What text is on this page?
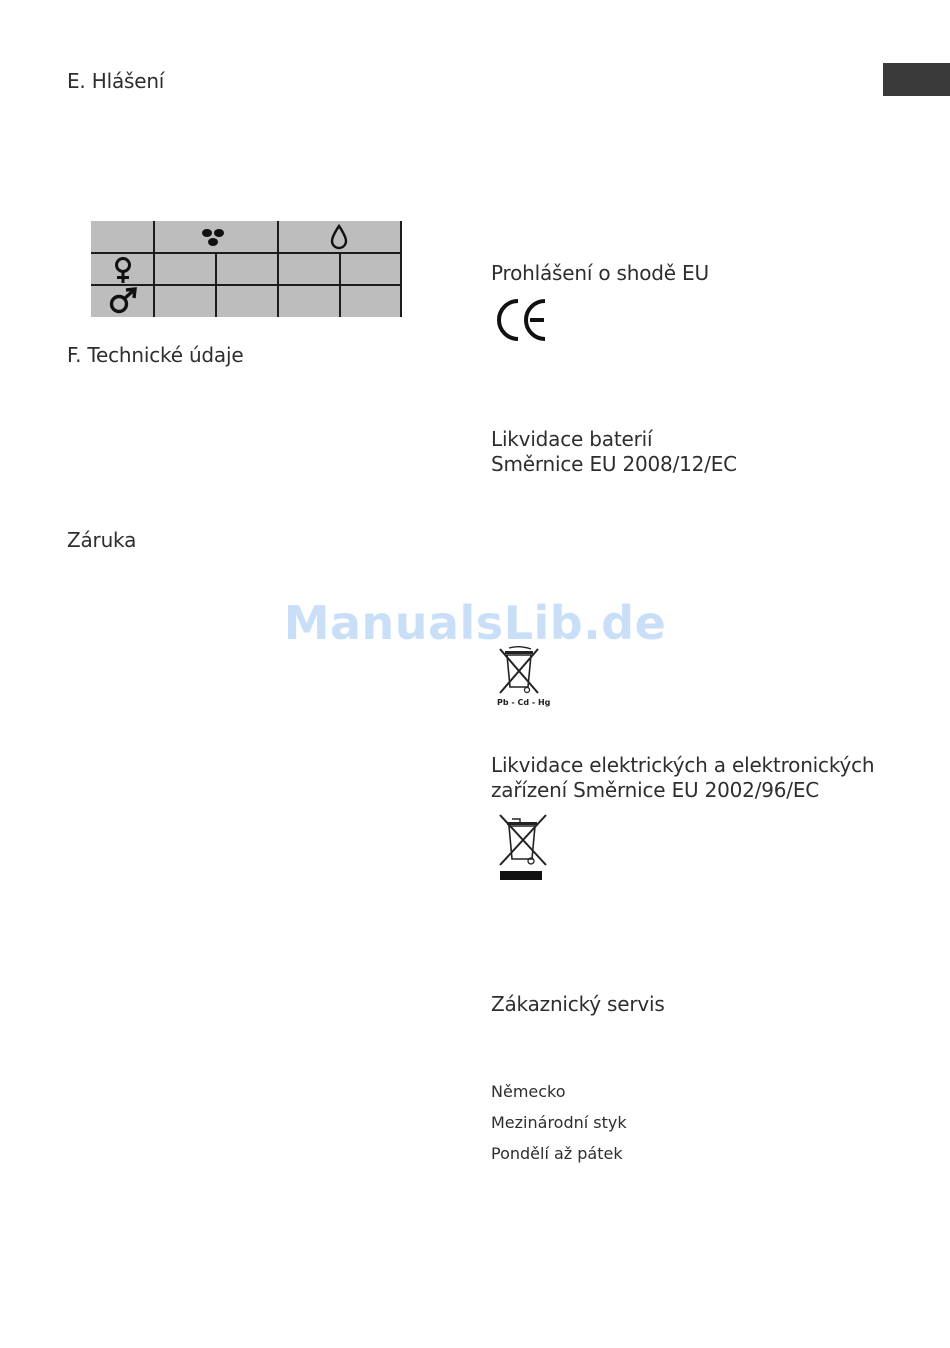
E. Hlášení
F. Technické údaje
Záruka
Prohlášení o shodě EU
Likvidace baterií
Směrnice EU 2008/12/EC
ManualsLib.de
Pb - Cd - Hg
Likvidace elektrických a elektronických
zařízení Směrnice EU 2002/96/EC
Zákaznický servis
Německo
Mezinárodní styk
Pondělí až pátek
